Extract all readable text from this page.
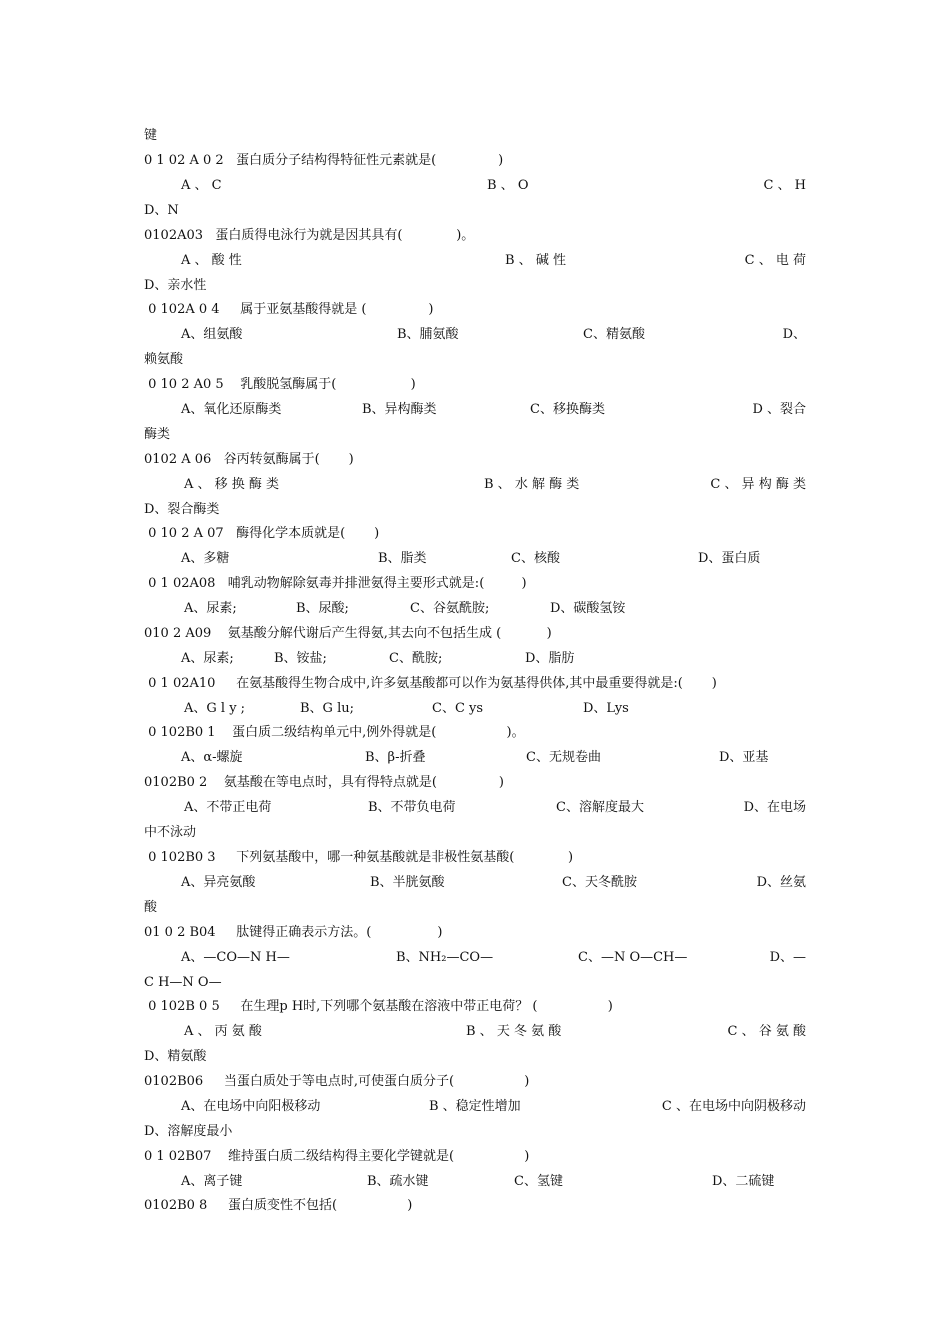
键
0 1 02 A 0 2   蛋白质分子结构得特征性元素就是(               )
A 、 C	B 、 O	C 、 H
D、N
0102A03   蛋白质得电泳行为就是因其具有(             )。
A 、 酸 性	B 、 碱 性	C 、 电 荷
D、亲水性
0 102A 0 4     属于亚氨基酸得就是 (               )
A、组氨酸	B、脯氨酸	C、精氨酸	D、
赖氨酸
0 10 2 A0 5    乳酸脱氢酶属于(                  )
A、氧化还原酶类	B、异构酶类	C、移换酶类	D 、裂合
酶类
0102 A 06   谷丙转氨酶属于(       )
A 、 移 换 酶 类	B 、 水 解 酶 类	C 、 异 构 酶 类
D、裂合酶类
0 10 2 A 07   酶得化学本质就是(       )
A、多糖	B、脂类	C、核酸	D、蛋白质
0 1 02A08   哺乳动物解除氨毒并排泄氨得主要形式就是:(         )
A、尿素;	B、尿酸;	C、谷氨酰胺;	D、碳酸氢铵
010 2 A09    氨基酸分解代谢后产生得氨,其去向不包括生成 (           )
A、尿素;	B、铵盐;	C、酰胺;	D、脂肪
0 1 02A10     在氨基酸得生物合成中,许多氨基酸都可以作为氨基得供体,其中最重要得就是:(       )
A、G l y ;	B、G lu;	C、C ys	D、Lys
0 102B0 1    蛋白质二级结构单元中,例外得就是(                 )。
A、α-螺旋	B、β-折叠	C、无规卷曲	D、亚基
0102B0 2    氨基酸在等电点时，具有得特点就是(               )
A、不带正电荷	B、不带负电荷	C、溶解度最大	D、在电场
中不泳动
0 102B0 3     下列氨基酸中，哪一种氨基酸就是非极性氨基酸(             )
A、异亮氨酸	B、半胱氨酸	C、天冬酰胺	D、丝氨
酸
01 0 2 B04     肽键得正确表示方法。(                )
A、—CO—N H—	B、NH₂—CO—	C、—N O—CH—	D、—
C H—N O—
0 102B 0 5     在生理p H时,下列哪个氨基酸在溶液中带正电荷？ (                 )
A 、 丙 氨 酸	B 、 天 冬 氨 酸	C 、 谷 氨 酸
D、精氨酸
0102B06     当蛋白质处于等电点时,可使蛋白质分子(                 )
A、在电场中向阳极移动	B 、稳定性增加	C 、在电场中向阴极移动
D、溶解度最小
0 1 02B07    维持蛋白质二级结构得主要化学键就是(                 )
A、离子键	B、疏水键	C、氢键	D、二硫键
0102B0 8     蛋白质变性不包括(                 )
